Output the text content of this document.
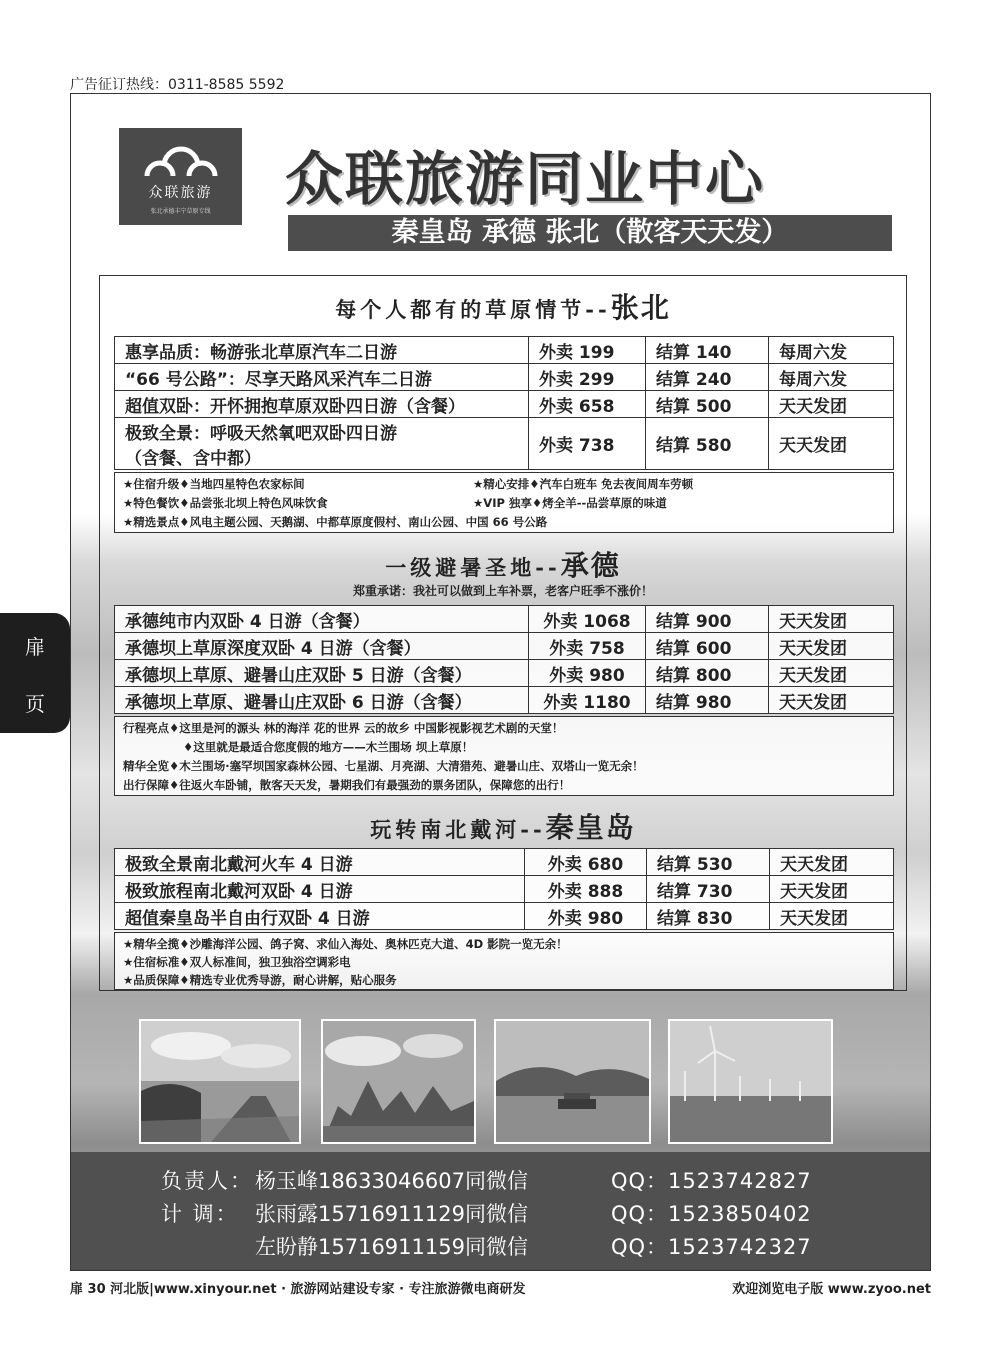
广告征订热线：0311-8585 5592
众联旅游
张北承德丰宁草原专线	众联旅游同业中心
秦皇岛 承德 张北（散客天天发）
每个人都有的草原情节--张北
惠享品质：畅游张北草原汽车二日游	外卖 199	结算 140	每周六发
“66 号公路”：尽享天路风采汽车二日游	外卖 299	结算 240	每周六发
超值双卧：开怀拥抱草原双卧四日游（含餐）	外卖 658	结算 500	天天发团

极致全景：呼吸天然氧吧双卧四日游
（含餐、含中都）	外卖 738	结算 580	天天发团
★住宿升级♦当地四星特色农家标间	★精心安排♦汽车白班车 免去夜间周车劳顿
★特色餐饮♦品尝张北坝上特色风味饮食	★VIP 独享♦烤全羊--品尝草原的味道
★精选景点♦风电主题公园、天鹅湖、中都草原度假村、南山公园、中国 66 号公路
一级避暑圣地--承德
郑重承诺：我社可以做到上车补票，老客户旺季不涨价！
承德纯市内双卧 4 日游（含餐）	外卖 1068	结算 900	天天发团
承德坝上草原深度双卧 4 日游（含餐）	外卖 758	结算 600	天天发团
承德坝上草原、避暑山庄双卧 5 日游（含餐）	外卖 980	结算 800	天天发团
承德坝上草原、避暑山庄双卧 6 日游（含餐）	外卖 1180	结算 980	天天发团
行程亮点♦这里是河的源头 林的海洋 花的世界 云的故乡 中国影视影视艺术剧的天堂！
♦这里就是最适合您度假的地方——木兰围场 坝上草原！
精华全览♦木兰围场·塞罕坝国家森林公园、七星湖、月亮湖、大清猎苑、避暑山庄、双塔山一览无余！
出行保障♦往返火车卧铺，散客天天发，暑期我们有最强劲的票务团队，保障您的出行！
玩转南北戴河--秦皇岛
极致全景南北戴河火车 4 日游	外卖 680	结算 530	天天发团
极致旅程南北戴河双卧 4 日游	外卖 888	结算 730	天天发团
超值秦皇岛半自由行双卧 4 日游	外卖 980	结算 830	天天发团
★精华全揽♦沙雕海洋公园、鸽子窝、求仙入海处、奥林匹克大道、4D 影院一览无余！
★住宿标准♦双人标准间，独卫独浴空调彩电
★品质保障♦精选专业优秀导游，耐心讲解，贴心服务
负责人： 杨玉峰18633046607同微信	QQ：1523742827
计 调： 张雨露15716911129同微信	QQ：1523850402
左盼静15716911159同微信	QQ：1523742327
扉
页
扉 30 河北版|www.xinyour.net · 旅游网站建设专家 · 专注旅游微电商研发	欢迎浏览电子版 www.zyoo.net
